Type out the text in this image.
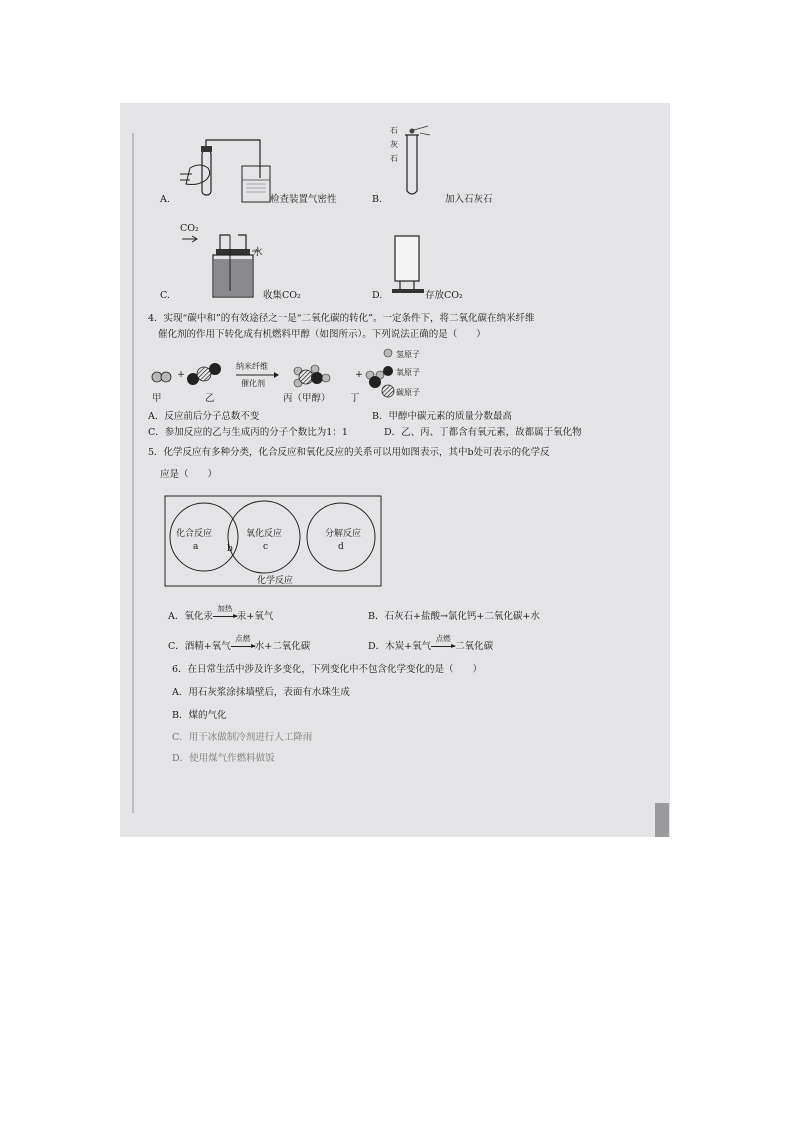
A.	检查装置气密性
石
灰
石
B.	加入石灰石
CO₂
水
C.	收集CO₂	D.	存放CO₂
4．实现“碳中和”的有效途径之一是“二氧化碳的转化”。一定条件下，将二氧化碳在纳米纤维
催化剂的作用下转化成有机燃料甲醇（如图所示）。下列说法正确的是（　　）
+	+
纳米纤维
催化剂
甲	乙	丙（甲醇） 丁
氢原子
氧原子
碳原子
A．反应前后分子总数不变	B．甲醇中碳元素的质量分数最高
C．参加反应的乙与生成丙的分子个数比为1：1	D．乙、丙、丁都含有氧元素，故都属于氧化物
5．化学反应有多种分类，化合反应和氧化反应的关系可以用如图表示，其中b处可表示的化学反
应是（　　）
化合反应
a
氧化反应
c
b
分解反应
d
化学反应
A．氧化汞
加热
汞+氧气	B．石灰石+盐酸→氯化钙+二氧化碳+水
C．酒精+氧气
点燃
水+二氧化碳	D．木炭+氧气
点燃
二氧化碳
6．在日常生活中涉及许多变化，下列变化中不包含化学变化的是（　　）
A．用石灰浆涂抹墙壁后，表面有水珠生成
B．煤的气化
C．用干冰做制冷剂进行人工降雨
D．使用煤气作燃料做饭
